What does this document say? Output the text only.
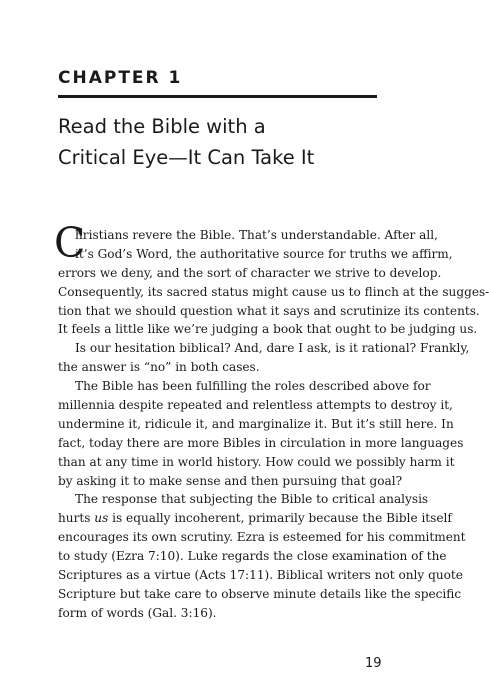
CHAPTER 1
Read the Bible with a
Critical Eye—It Can Take It
C
hristians revere the Bible. That’s understandable. After all,
it’s God’s Word, the authoritative source for truths we affirm,
errors we deny, and the sort of character we strive to develop.
Consequently, its sacred status might cause us to flinch at the sugges-
tion that we should question what it says and scrutinize its contents.
It feels a little like we’re judging a book that ought to be judging us.
Is our hesitation biblical? And, dare I ask, is it rational? Frankly,
the answer is “no” in both cases.
The Bible has been fulfilling the roles described above for
millennia despite repeated and relentless attempts to destroy it,
undermine it, ridicule it, and marginalize it. But it’s still here. In
fact, today there are more Bibles in circulation in more languages
than at any time in world history. How could we possibly harm it
by asking it to make sense and then pursuing that goal?
The response that subjecting the Bible to critical analysis
hurts us is equally incoherent, primarily because the Bible itself
encourages its own scrutiny. Ezra is esteemed for his commitment
to study (Ezra 7:10). Luke regards the close examination of the
Scriptures as a virtue (Acts 17:11). Biblical writers not only quote
Scripture but take care to observe minute details like the specific
form of words (Gal. 3:16).
19
